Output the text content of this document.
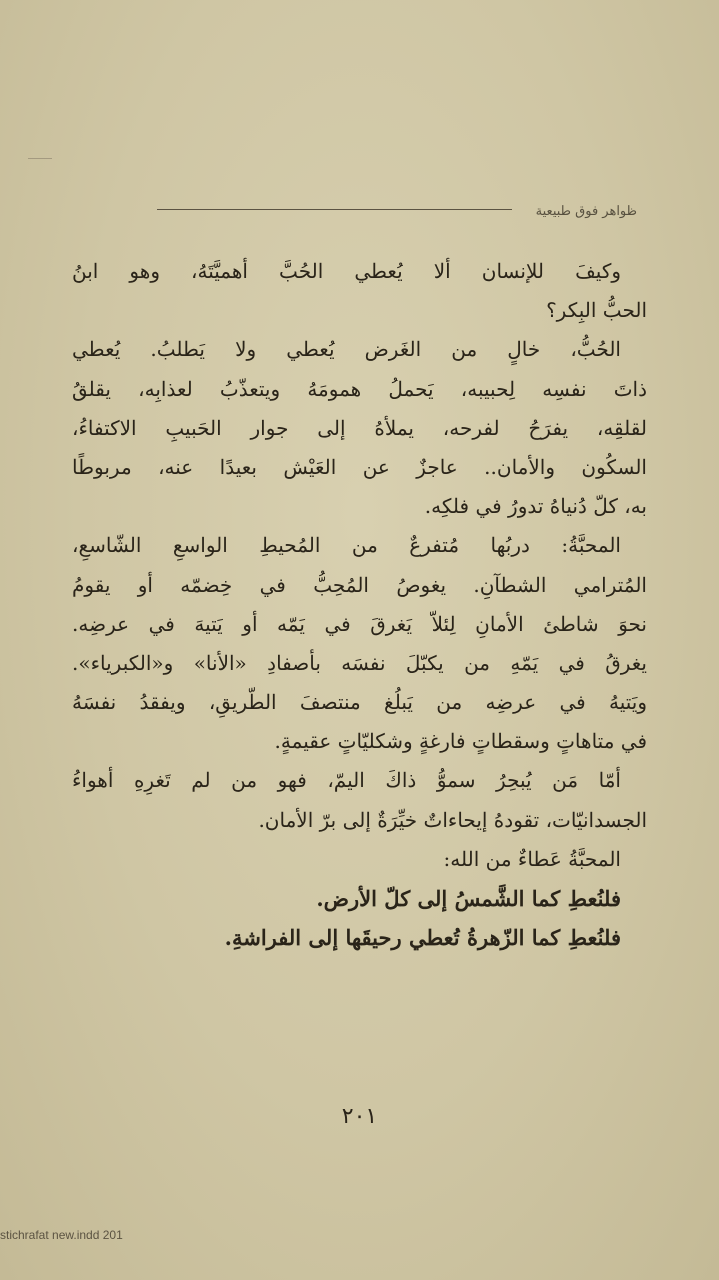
ظواهر فوق طبيعية
وكيفَ للإنسان ألا يُعطي الحُبَّ أهميَّتَهُ، وهو ابنُ
الحبُّ البِكر؟
الحُبُّ، خالٍ من الغَرض يُعطي ولا يَطلبُ. يُعطي
ذاتَ نفسِه لِحبيبه، يَحملُ همومَهُ ويتعذّبُ لعذابِه، يقلقُ
لقلقِه، يفرَحُ لفرحه، يملأهُ إلى جوار الحَبيبِ الاكتفاءُ،
السكُون والأمان.. عاجزٌ عن العَيْش بعيدًا عنه، مربوطًا
به، كلّ دُنياهُ تدورُ في فلكِه.
المحبَّةُ: دربُها مُتفرعٌ من المُحيطِ الواسعِ الشّاسعِ،
المُترامي الشطآنِ. يغوصُ المُحِبُّ في خِضمّه أو يقومُ
نحوَ شاطئ الأمانِ لِئلاّ يَغرقَ في يَمّه أو يَتيهَ في عرضِه.
يغرقُ في يَمّهِ من يكبّلَ نفسَه بأصفادِ «الأنا» و«الكبرياء».
ويَتيهُ في عرضِه من يَبلُغ منتصفَ الطّريقِ، ويفقدُ نفسَهُ
في متاهاتٍ وسقطاتٍ فارغةٍ وشكليّاتٍ عقيمةٍ.
أمّا مَن يُبحِرُ سموُّ ذاكَ اليمّ، فهو من لم تَغرِهِ أهواءُ
الجسدانيّات، تقودهُ إيحاءاتٌ خيِّرَةٌ إلى برّ الأمان.
المحبَّةُ عَطاءٌ من الله:
فلنُعطِ كما الشَّمسُ إلى كلّ الأرض.
فلنُعطِ كما الزّهرةُ تُعطي رحيقَها إلى الفراشةِ.
٢٠١
stichrafat new.indd 201
